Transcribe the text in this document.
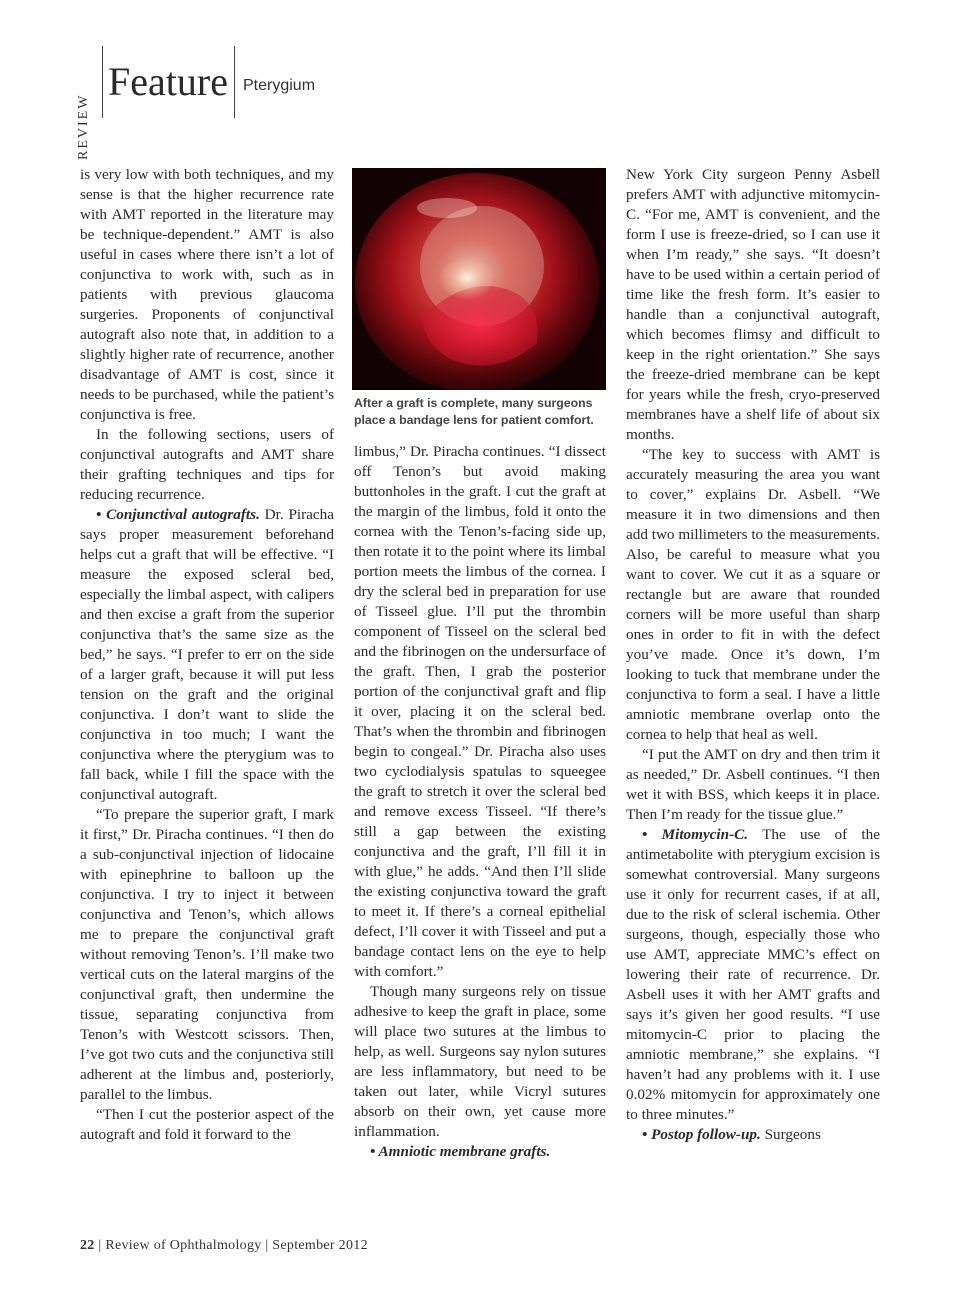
REVIEW
Feature Pterygium

is very low with both techniques, and my sense is that the higher recurrence rate with AMT reported in the literature may be technique-dependent.” AMT is also useful in cases where there isn’t a lot of conjunctiva to work with, such as in patients with previous glaucoma surgeries. Proponents of conjunctival autograft also note that, in addition to a slightly higher rate of recurrence, another disadvantage of AMT is cost, since it needs to be purchased, while the patient’s conjunctiva is free.

In the following sections, users of conjunctival autografts and AMT share their grafting techniques and tips for reducing recurrence.

• Conjunctival autografts. Dr. Piracha says proper measurement beforehand helps cut a graft that will be effective. “I measure the exposed scleral bed, especially the limbal aspect, with calipers and then excise a graft from the superior conjunctiva that’s the same size as the bed,” he says. “I prefer to err on the side of a larger graft, because it will put less tension on the graft and the original conjunctiva. I don’t want to slide the conjunctiva in too much; I want the conjunctiva where the pterygium was to fall back, while I fill the space with the conjunctival autograft.

“To prepare the superior graft, I mark it first,” Dr. Piracha continues. “I then do a sub-conjunctival injection of lidocaine with epinephrine to balloon up the conjunctiva. I try to inject it between conjunctiva and Tenon’s, which allows me to prepare the conjunctival graft without removing Tenon’s. I’ll make two vertical cuts on the lateral margins of the conjunctival graft, then undermine the tissue, separating conjunctiva from Tenon’s with Westcott scissors. Then, I’ve got two cuts and the conjunctiva still adherent at the limbus and, posteriorly, parallel to the limbus.

“Then I cut the posterior aspect of the autograft and fold it forward to the

After a graft is complete, many surgeons place a bandage lens for patient comfort.

limbus,” Dr. Piracha continues. “I dissect off Tenon’s but avoid making buttonholes in the graft. I cut the graft at the margin of the limbus, fold it onto the cornea with the Tenon’s-facing side up, then rotate it to the point where its limbal portion meets the limbus of the cornea. I dry the scleral bed in preparation for use of Tisseel glue. I’ll put the thrombin component of Tisseel on the scleral bed and the fibrinogen on the undersurface of the graft. Then, I grab the posterior portion of the conjunctival graft and flip it over, placing it on the scleral bed. That’s when the thrombin and fibrinogen begin to congeal.” Dr. Piracha also uses two cyclodialysis spatulas to squeegee the graft to stretch it over the scleral bed and remove excess Tisseel. “If there’s still a gap between the existing conjunctiva and the graft, I’ll fill it in with glue,” he adds. “And then I’ll slide the existing conjunctiva toward the graft to meet it. If there’s a corneal epithelial defect, I’ll cover it with Tisseel and put a bandage contact lens on the eye to help with comfort.”

Though many surgeons rely on tissue adhesive to keep the graft in place, some will place two sutures at the limbus to help, as well. Surgeons say nylon sutures are less inflammatory, but need to be taken out later, while Vicryl sutures absorb on their own, yet cause more inflammation.

• Amniotic membrane grafts.

New York City surgeon Penny Asbell prefers AMT with adjunctive mitomycin-C. “For me, AMT is convenient, and the form I use is freeze-dried, so I can use it when I’m ready,” she says. “It doesn’t have to be used within a certain period of time like the fresh form. It’s easier to handle than a conjunctival autograft, which becomes flimsy and difficult to keep in the right orientation.” She says the freeze-dried membrane can be kept for years while the fresh, cryo-preserved membranes have a shelf life of about six months.

“The key to success with AMT is accurately measuring the area you want to cover,” explains Dr. Asbell. “We measure it in two dimensions and then add two millimeters to the measurements. Also, be careful to measure what you want to cover. We cut it as a square or rectangle but are aware that rounded corners will be more useful than sharp ones in order to fit in with the defect you’ve made. Once it’s down, I’m looking to tuck that membrane under the conjunctiva to form a seal. I have a little amniotic membrane overlap onto the cornea to help that heal as well.

“I put the AMT on dry and then trim it as needed,” Dr. Asbell continues. “I then wet it with BSS, which keeps it in place. Then I’m ready for the tissue glue.”

• Mitomycin-C. The use of the antimetabolite with pterygium excision is somewhat controversial. Many surgeons use it only for recurrent cases, if at all, due to the risk of scleral ischemia. Other surgeons, though, especially those who use AMT, appreciate MMC’s effect on lowering their rate of recurrence. Dr. Asbell uses it with her AMT grafts and says it’s given her good results. “I use mitomycin-C prior to placing the amniotic membrane,” she explains. “I haven’t had any problems with it. I use 0.02% mitomycin for approximately one to three minutes.”

• Postop follow-up. Surgeons

22 | Review of Ophthalmology | September 2012
